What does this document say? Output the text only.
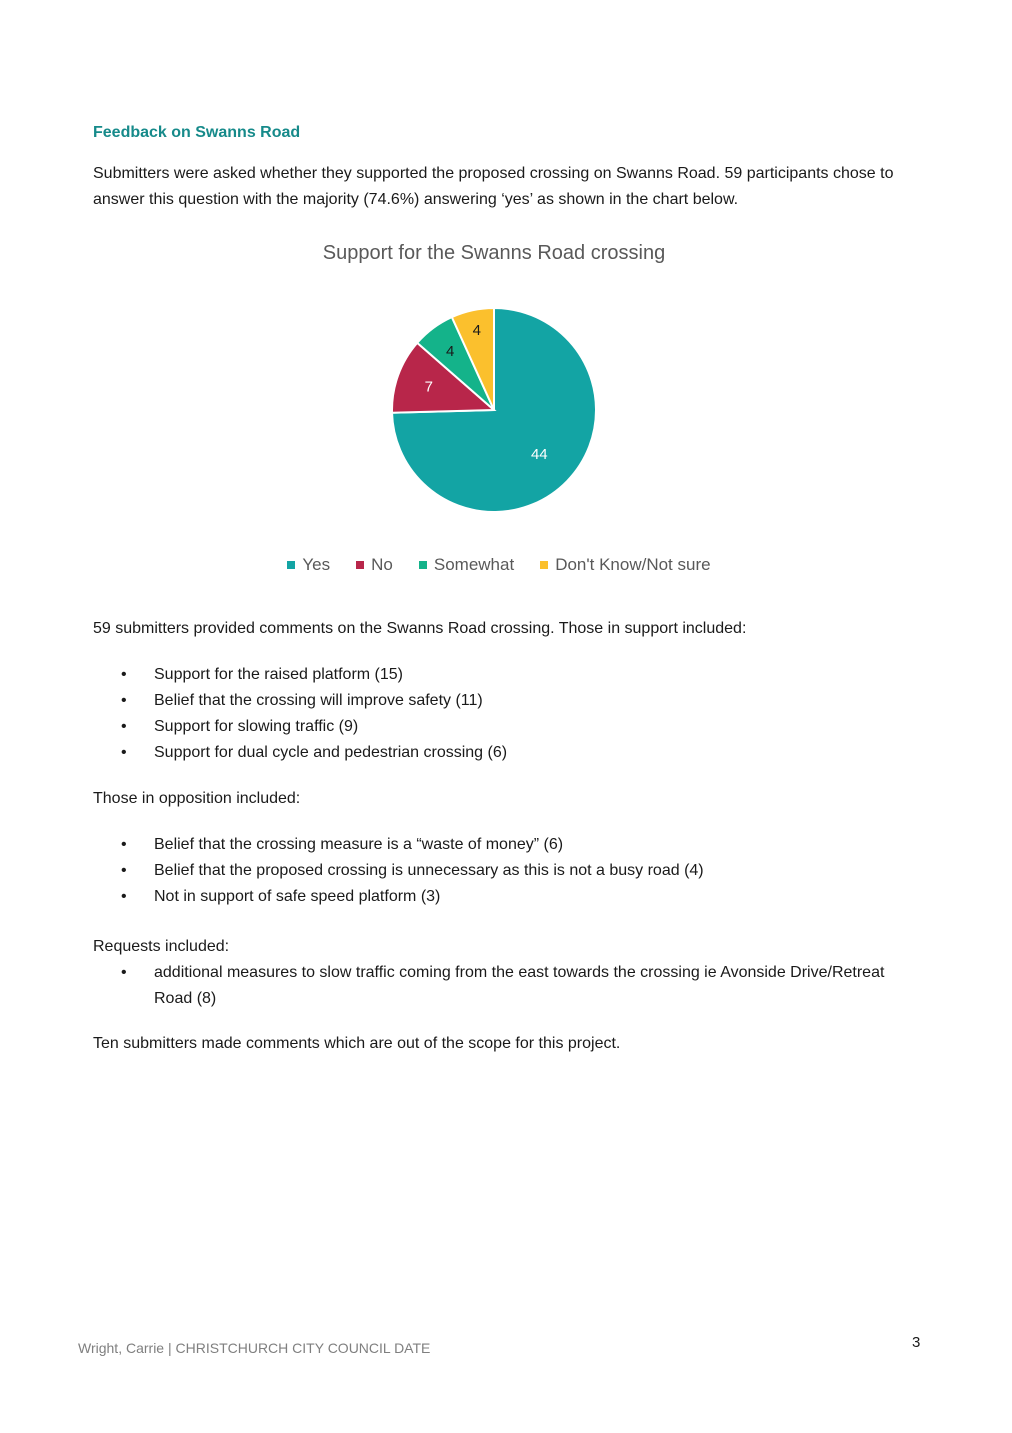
Feedback on Swanns Road

Submitters were asked whether they supported the proposed crossing on Swanns Road. 59 participants chose to answer this question with the majority (74.6%) answering ‘yes’ as shown in the chart below.

Support for the Swanns Road crossing
44
7
4
4
Yes No Somewhat Don't Know/Not sure

59 submitters provided comments on the Swanns Road crossing. Those in support included:

• Support for the raised platform (15)
• Belief that the crossing will improve safety (11)
• Support for slowing traffic (9)
• Support for dual cycle and pedestrian crossing (6)

Those in opposition included:

• Belief that the crossing measure is a “waste of money” (6)
• Belief that the proposed crossing is unnecessary as this is not a busy road (4)
• Not in support of safe speed platform (3)

Requests included:

• additional measures to slow traffic coming from the east towards the crossing ie Avonside Drive/Retreat Road (8)

Ten submitters made comments which are out of the scope for this project.

Wright, Carrie | CHRISTCHURCH CITY COUNCIL DATE	3
